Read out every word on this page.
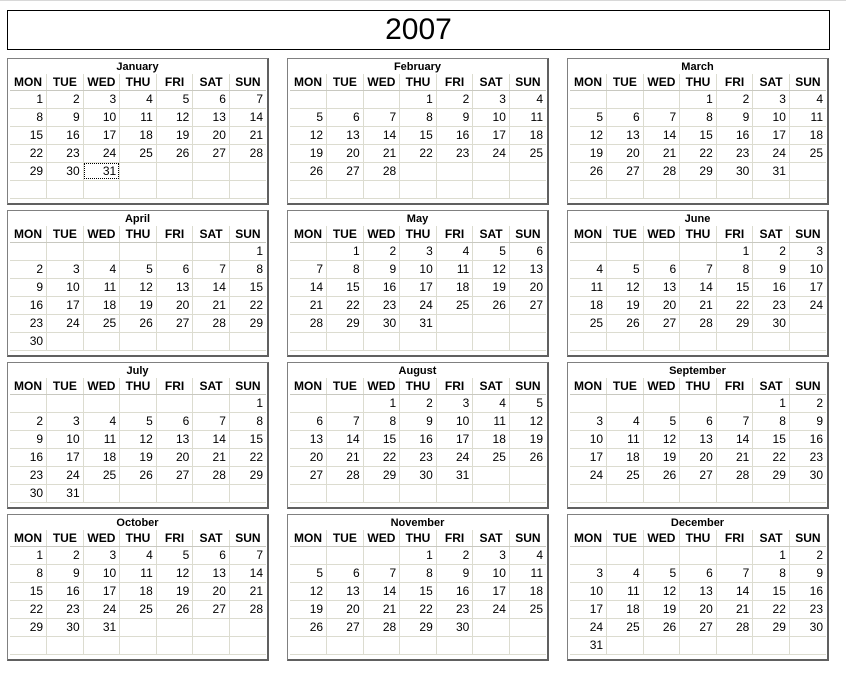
2007
January
MON	TUE	WED	THU	FRI	SAT	SUN
1	2	3	4	5	6	7
8	9	10	11	12	13	14
15	16	17	18	19	20	21
22	23	24	25	26	27	28
29	30	31				

February
MON	TUE	WED	THU	FRI	SAT	SUN
			1	2	3	4
5	6	7	8	9	10	11
12	13	14	15	16	17	18
19	20	21	22	23	24	25
26	27	28				

March
MON	TUE	WED	THU	FRI	SAT	SUN
			1	2	3	4
5	6	7	8	9	10	11
12	13	14	15	16	17	18
19	20	21	22	23	24	25
26	27	28	29	30	31	

April
MON	TUE	WED	THU	FRI	SAT	SUN
						1
2	3	4	5	6	7	8
9	10	11	12	13	14	15
16	17	18	19	20	21	22
23	24	25	26	27	28	29
30						
May
MON	TUE	WED	THU	FRI	SAT	SUN
	1	2	3	4	5	6
7	8	9	10	11	12	13
14	15	16	17	18	19	20
21	22	23	24	25	26	27
28	29	30	31			

June
MON	TUE	WED	THU	FRI	SAT	SUN
				1	2	3
4	5	6	7	8	9	10
11	12	13	14	15	16	17
18	19	20	21	22	23	24
25	26	27	28	29	30	

July
MON	TUE	WED	THU	FRI	SAT	SUN
						1
2	3	4	5	6	7	8
9	10	11	12	13	14	15
16	17	18	19	20	21	22
23	24	25	26	27	28	29
30	31					
August
MON	TUE	WED	THU	FRI	SAT	SUN
		1	2	3	4	5
6	7	8	9	10	11	12
13	14	15	16	17	18	19
20	21	22	23	24	25	26
27	28	29	30	31		

September
MON	TUE	WED	THU	FRI	SAT	SUN
					1	2
3	4	5	6	7	8	9
10	11	12	13	14	15	16
17	18	19	20	21	22	23
24	25	26	27	28	29	30

October
MON	TUE	WED	THU	FRI	SAT	SUN
1	2	3	4	5	6	7
8	9	10	11	12	13	14
15	16	17	18	19	20	21
22	23	24	25	26	27	28
29	30	31				

November
MON	TUE	WED	THU	FRI	SAT	SUN
			1	2	3	4
5	6	7	8	9	10	11
12	13	14	15	16	17	18
19	20	21	22	23	24	25
26	27	28	29	30		

December
MON	TUE	WED	THU	FRI	SAT	SUN
					1	2
3	4	5	6	7	8	9
10	11	12	13	14	15	16
17	18	19	20	21	22	23
24	25	26	27	28	29	30
31						
